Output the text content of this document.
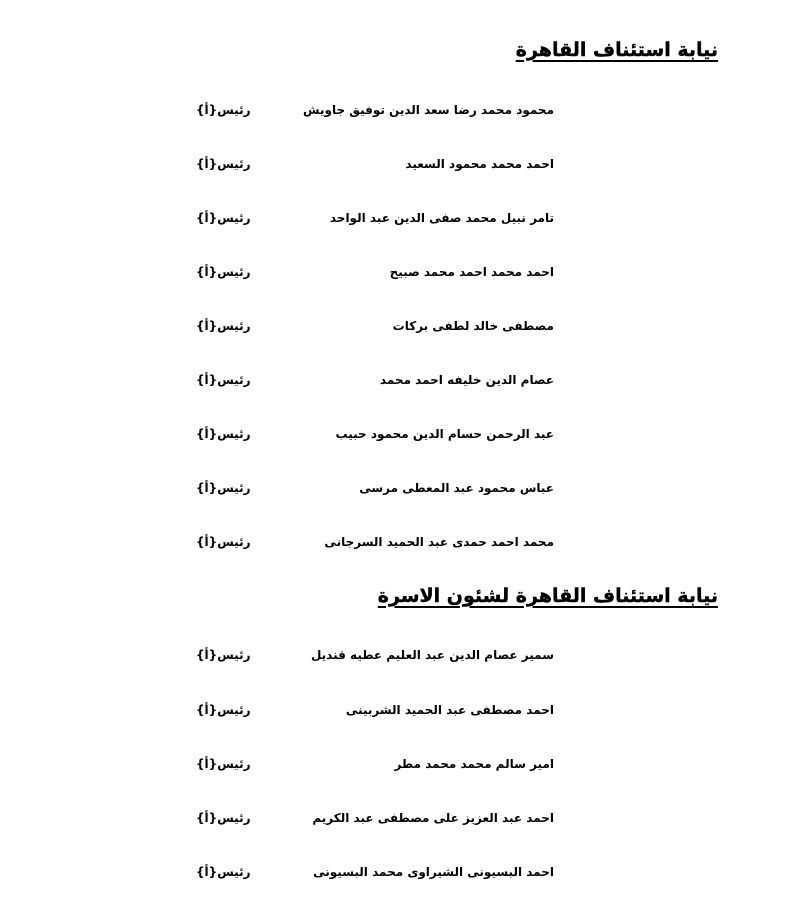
نيابة استئناف القاهرة
محمود محمد رضا سعد الدين توفيق جاويش
رئيس{أ}
احمد محمد محمود السعيد
رئيس{أ}
تامر نبيل محمد صفى الدين عبد الواحد
رئيس{أ}
احمد محمد احمد محمد صبيح
رئيس{أ}
مصطفى خالد لطفى بركات
رئيس{أ}
عصام الدين خليفه احمد محمد
رئيس{أ}
عبد الرحمن حسام الدين محمود حبيب
رئيس{أ}
عباس محمود عبد المعطى مرسى
رئيس{أ}
محمد احمد حمدى عبد الحميد السرجانى
رئيس{أ}
نيابة استئناف القاهرة لشئون الاسرة
سمير عصام الدين عبد العليم عطيه قنديل
رئيس{أ}
احمد مصطفى عبد الحميد الشربينى
رئيس{أ}
امير سالم محمد محمد مطر
رئيس{أ}
احمد عبد العزيز على مصطفى عبد الكريم
رئيس{أ}
احمد البسيونى الشيراوى محمد البسيونى
رئيس{أ}
